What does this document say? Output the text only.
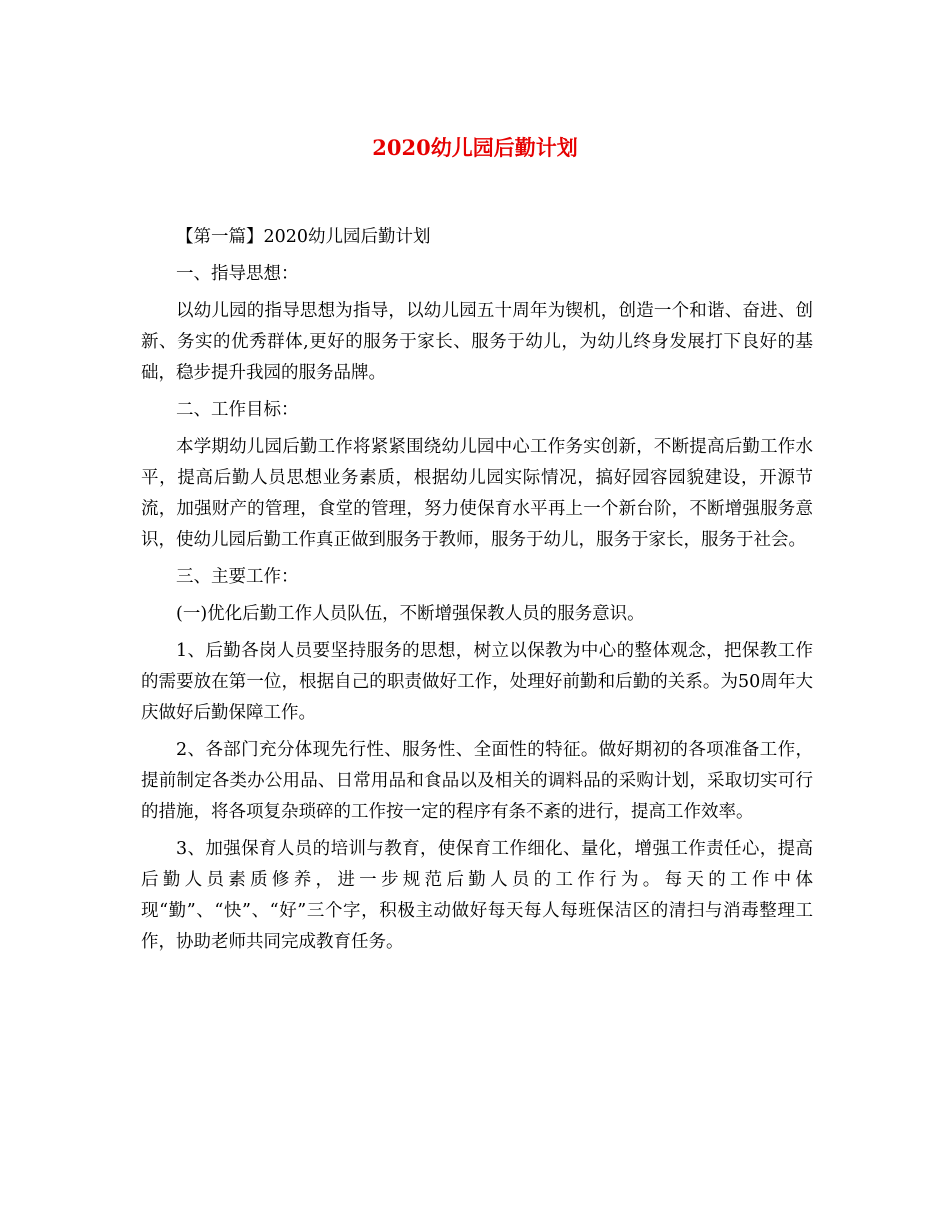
2020幼儿园后勤计划

【第一篇】2020幼儿园后勤计划

一、指导思想：

以幼儿园的指导思想为指导，以幼儿园五十周年为锲机，创造一个和谐、奋进、创新、务实的优秀群体,更好的服务于家长、服务于幼儿，为幼儿终身发展打下良好的基础，稳步提升我园的服务品牌。

二、工作目标：

本学期幼儿园后勤工作将紧紧围绕幼儿园中心工作务实创新，不断提高后勤工作水平，提高后勤人员思想业务素质，根据幼儿园实际情况，搞好园容园貌建设，开源节流，加强财产的管理，食堂的管理，努力使保育水平再上一个新台阶，不断增强服务意识，使幼儿园后勤工作真正做到服务于教师，服务于幼儿，服务于家长，服务于社会。

三、主要工作：

(一)优化后勤工作人员队伍，不断增强保教人员的服务意识。

1、后勤各岗人员要坚持服务的思想，树立以保教为中心的整体观念，把保教工作的需要放在第一位，根据自己的职责做好工作，处理好前勤和后勤的关系。为50周年大庆做好后勤保障工作。

2、各部门充分体现先行性、服务性、全面性的特征。做好期初的各项准备工作，提前制定各类办公用品、日常用品和食品以及相关的调料品的采购计划，采取切实可行的措施，将各项复杂琐碎的工作按一定的程序有条不紊的进行，提高工作效率。

3、加强保育人员的培训与教育，使保育工作细化、量化，增强工作责任心，提高后勤人员素质修养，进一步规范后勤人员的工作行为。每天的工作中体现“勤”、“快”、“好”三个字，积极主动做好每天每人每班保洁区的清扫与消毒整理工作，协助老师共同完成教育任务。
